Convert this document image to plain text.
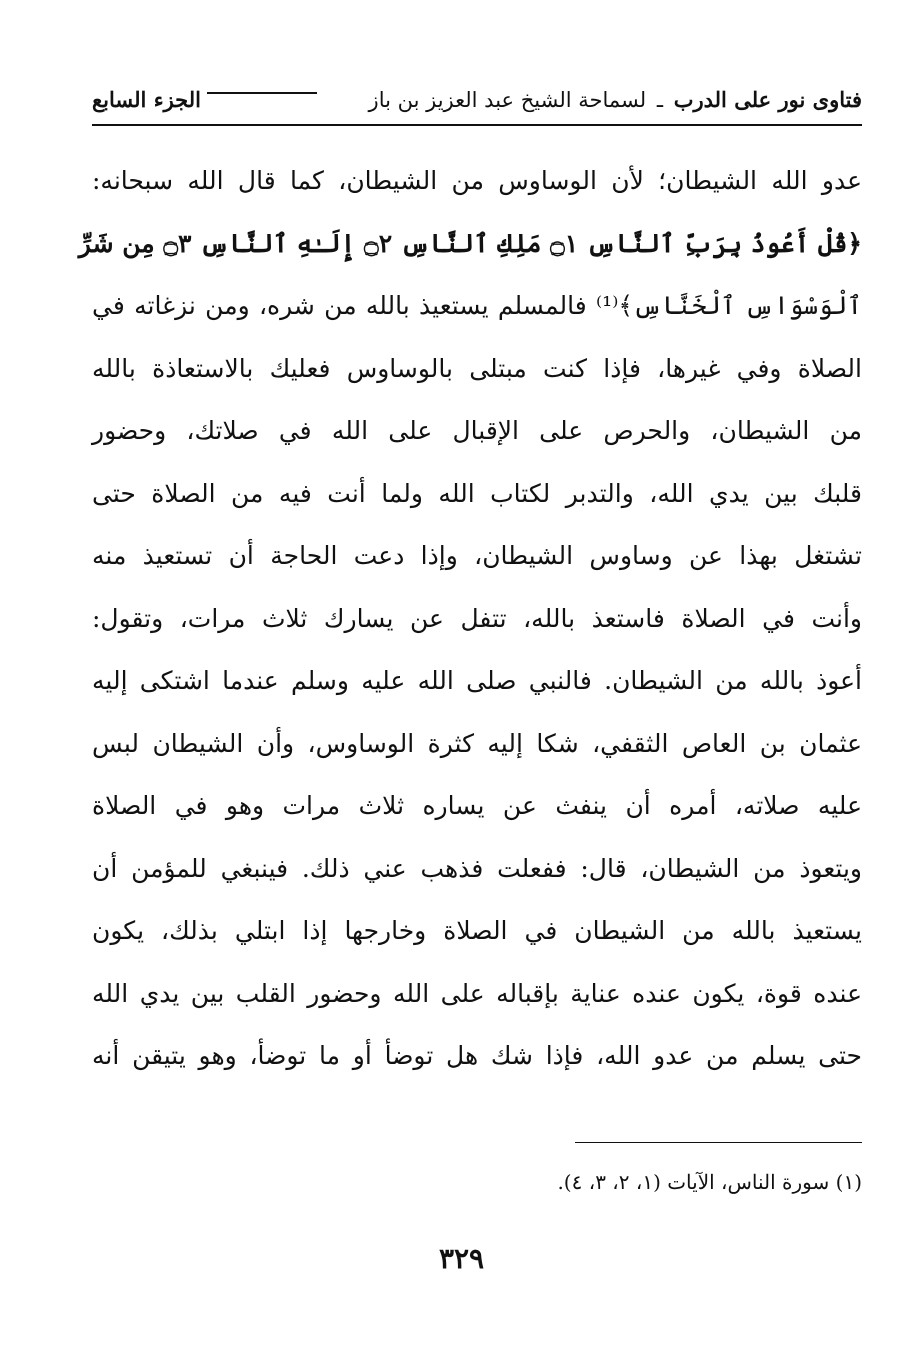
فتاوى نور على الدرب ـ لسماحة الشيخ عبد العزيز بن باز
الجزء السابع
عدو الله الشيطان؛ لأن الوساوس من الشيطان، كما قال الله سبحانه:
﴿قُلْ أَعُوذُ بِرَبِّ ٱلنَّاسِ ۝١ مَلِكِ ٱلنَّاسِ ۝٢ إِلَـٰهِ ٱلنَّاسِ ۝٣ مِن شَرِّ
ٱلْوَسْوَاسِ ٱلْخَنَّاسِ﴾⁽¹⁾ فالمسلم يستعيذ بالله من شره، ومن نزغاته في
الصلاة وفي غيرها، فإذا كنت مبتلى بالوساوس فعليك بالاستعاذة بالله
من الشيطان، والحرص على الإقبال على الله في صلاتك، وحضور
قلبك بين يدي الله، والتدبر لكتاب الله ولما أنت فيه من الصلاة حتى
تشتغل بهذا عن وساوس الشيطان، وإذا دعت الحاجة أن تستعيذ منه
وأنت في الصلاة فاستعذ بالله، تتفل عن يسارك ثلاث مرات، وتقول:
أعوذ بالله من الشيطان. فالنبي صلى الله عليه وسلم عندما اشتكى إليه
عثمان بن العاص الثقفي، شكا إليه كثرة الوساوس، وأن الشيطان لبس
عليه صلاته، أمره أن ينفث عن يساره ثلاث مرات وهو في الصلاة
ويتعوذ من الشيطان، قال: ففعلت فذهب عني ذلك. فينبغي للمؤمن أن
يستعيذ بالله من الشيطان في الصلاة وخارجها إذا ابتلي بذلك، يكون
عنده قوة، يكون عنده عناية بإقباله على الله وحضور القلب بين يدي الله
حتى يسلم من عدو الله، فإذا شك هل توضأ أو ما توضأ، وهو يتيقن أنه
(١) سورة الناس، الآيات (١، ٢، ٣، ٤).
٣٢٩
